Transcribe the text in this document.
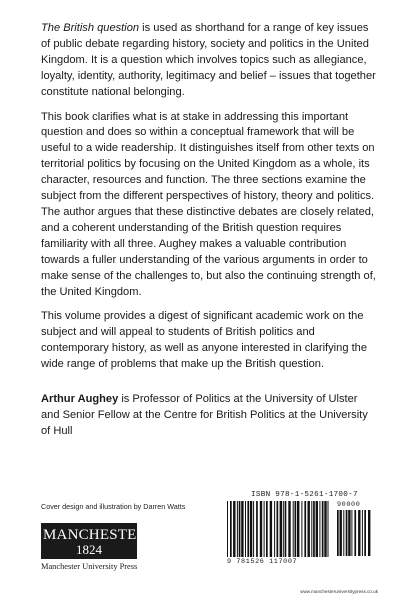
The British question is used as shorthand for a range of key issues of public debate regarding history, society and politics in the United Kingdom. It is a question which involves topics such as allegiance, loyalty, identity, authority, legitimacy and belief – issues that together constitute national belonging.

This book clarifies what is at stake in addressing this important question and does so within a conceptual framework that will be useful to a wide readership. It distinguishes itself from other texts on territorial politics by focusing on the United Kingdom as a whole, its character, resources and function. The three sections examine the subject from the different perspectives of history, theory and politics. The author argues that these distinctive debates are closely related, and a coherent understanding of the British question requires familiarity with all three. Aughey makes a valuable contribution towards a fuller understanding of the various arguments in order to make sense of the challenges to, but also the continuing strength of, the United Kingdom.

This volume provides a digest of significant academic work on the subject and will appeal to students of British politics and contemporary history, as well as anyone interested in clarifying the wide range of problems that make up the British question.

Arthur Aughey is Professor of Politics at the University of Ulster and Senior Fellow at the Centre for British Politics at the University of Hull

Cover design and illustration by Darren Watts
MANCHESTER
1824
Manchester University Press
ISBN 978-1-5261-1700-7
90000
9 781526 117007
www.manchesteruniversitypress.co.uk
